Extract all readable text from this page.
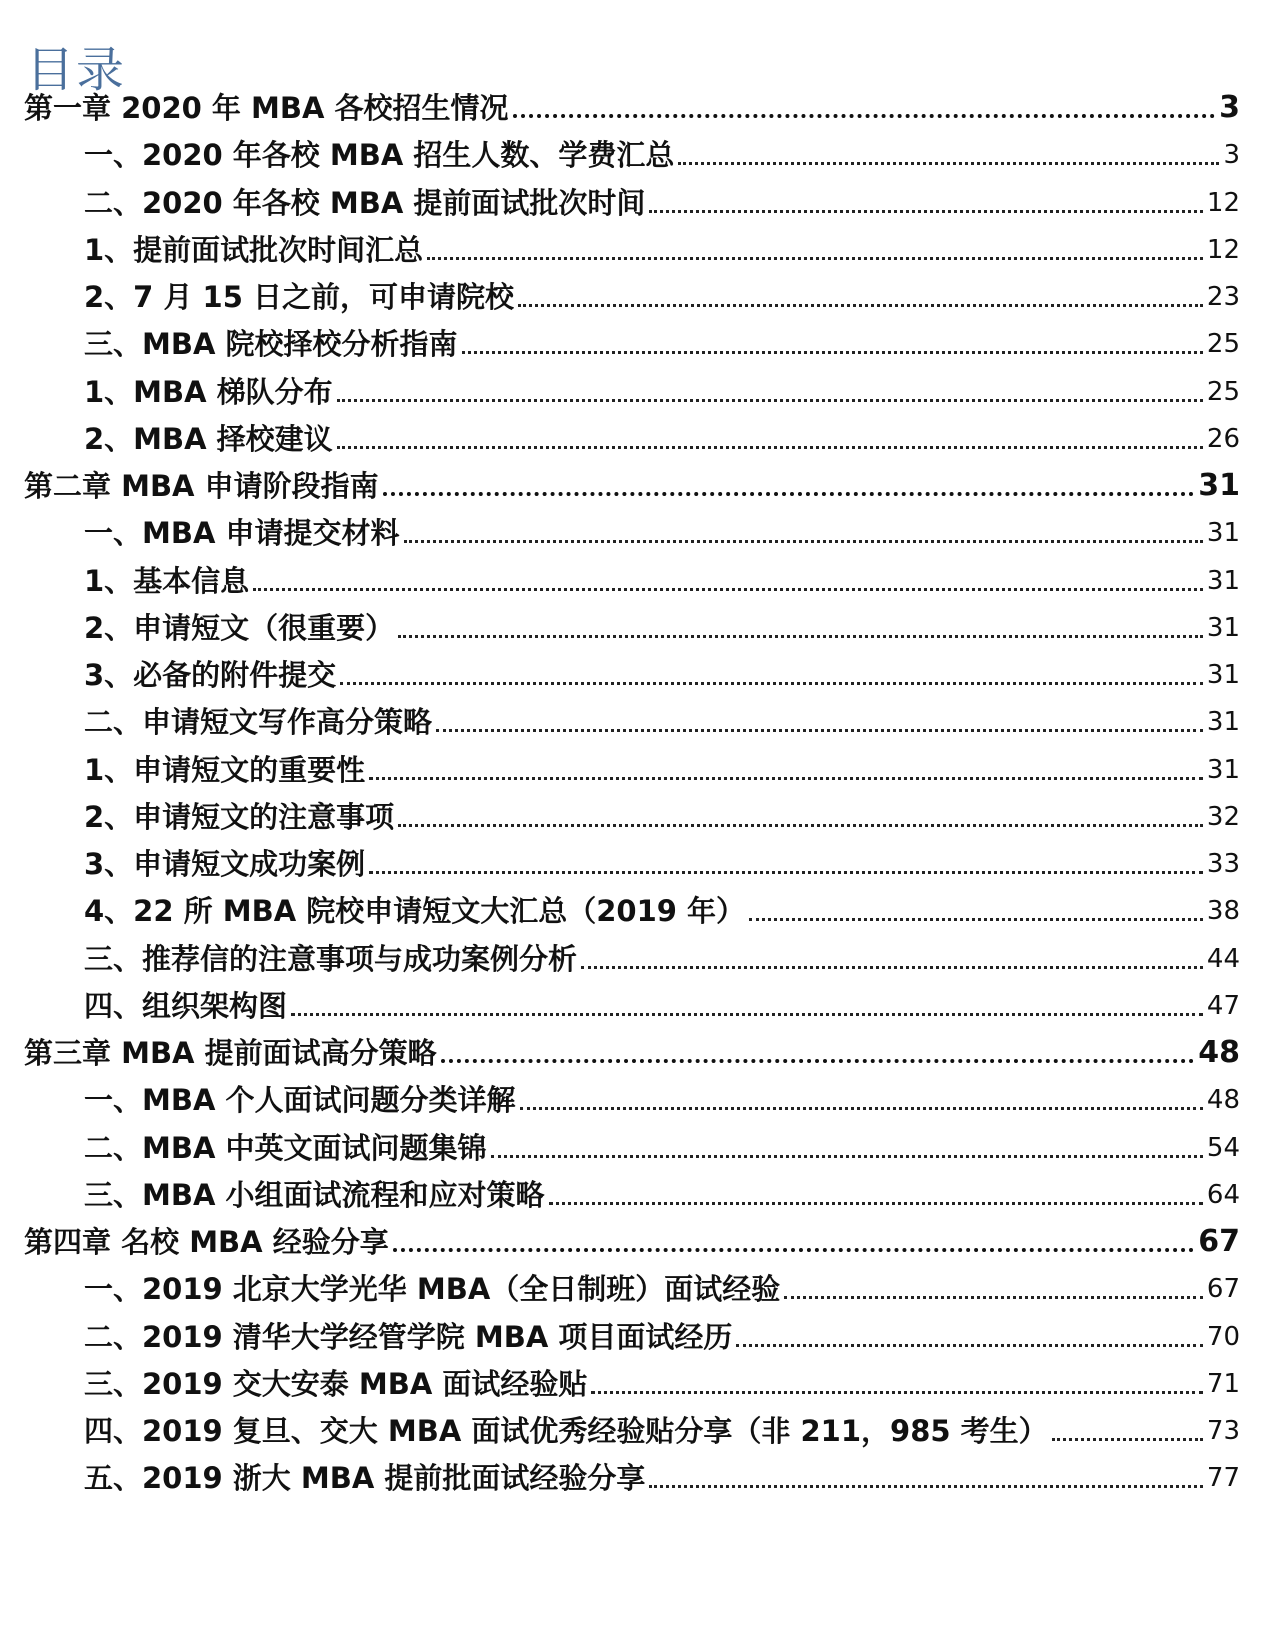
目录
第一章 2020 年 MBA 各校招生情况	3
一、2020 年各校 MBA 招生人数、学费汇总	3
二、2020 年各校 MBA 提前面试批次时间	12
1、提前面试批次时间汇总	12
2、7 月 15 日之前，可申请院校	23
三、MBA 院校择校分析指南	25
1、MBA 梯队分布	25
2、MBA 择校建议	26
第二章 MBA 申请阶段指南	31
一、MBA 申请提交材料	31
1、基本信息	31
2、申请短文（很重要）	31
3、必备的附件提交	31
二、申请短文写作高分策略	31
1、申请短文的重要性	31
2、申请短文的注意事项	32
3、申请短文成功案例	33
4、22 所 MBA 院校申请短文大汇总（2019 年）	38
三、推荐信的注意事项与成功案例分析	44
四、组织架构图	47
第三章 MBA 提前面试高分策略	48
一、MBA 个人面试问题分类详解	48
二、MBA 中英文面试问题集锦	54
三、MBA 小组面试流程和应对策略	64
第四章 名校 MBA 经验分享	67
一、2019 北京大学光华 MBA（全日制班）面试经验	67
二、2019 清华大学经管学院 MBA 项目面试经历	70
三、2019 交大安泰 MBA 面试经验贴	71
四、2019 复旦、交大 MBA 面试优秀经验贴分享（非 211，985 考生）	73
五、2019 浙大 MBA 提前批面试经验分享	77
